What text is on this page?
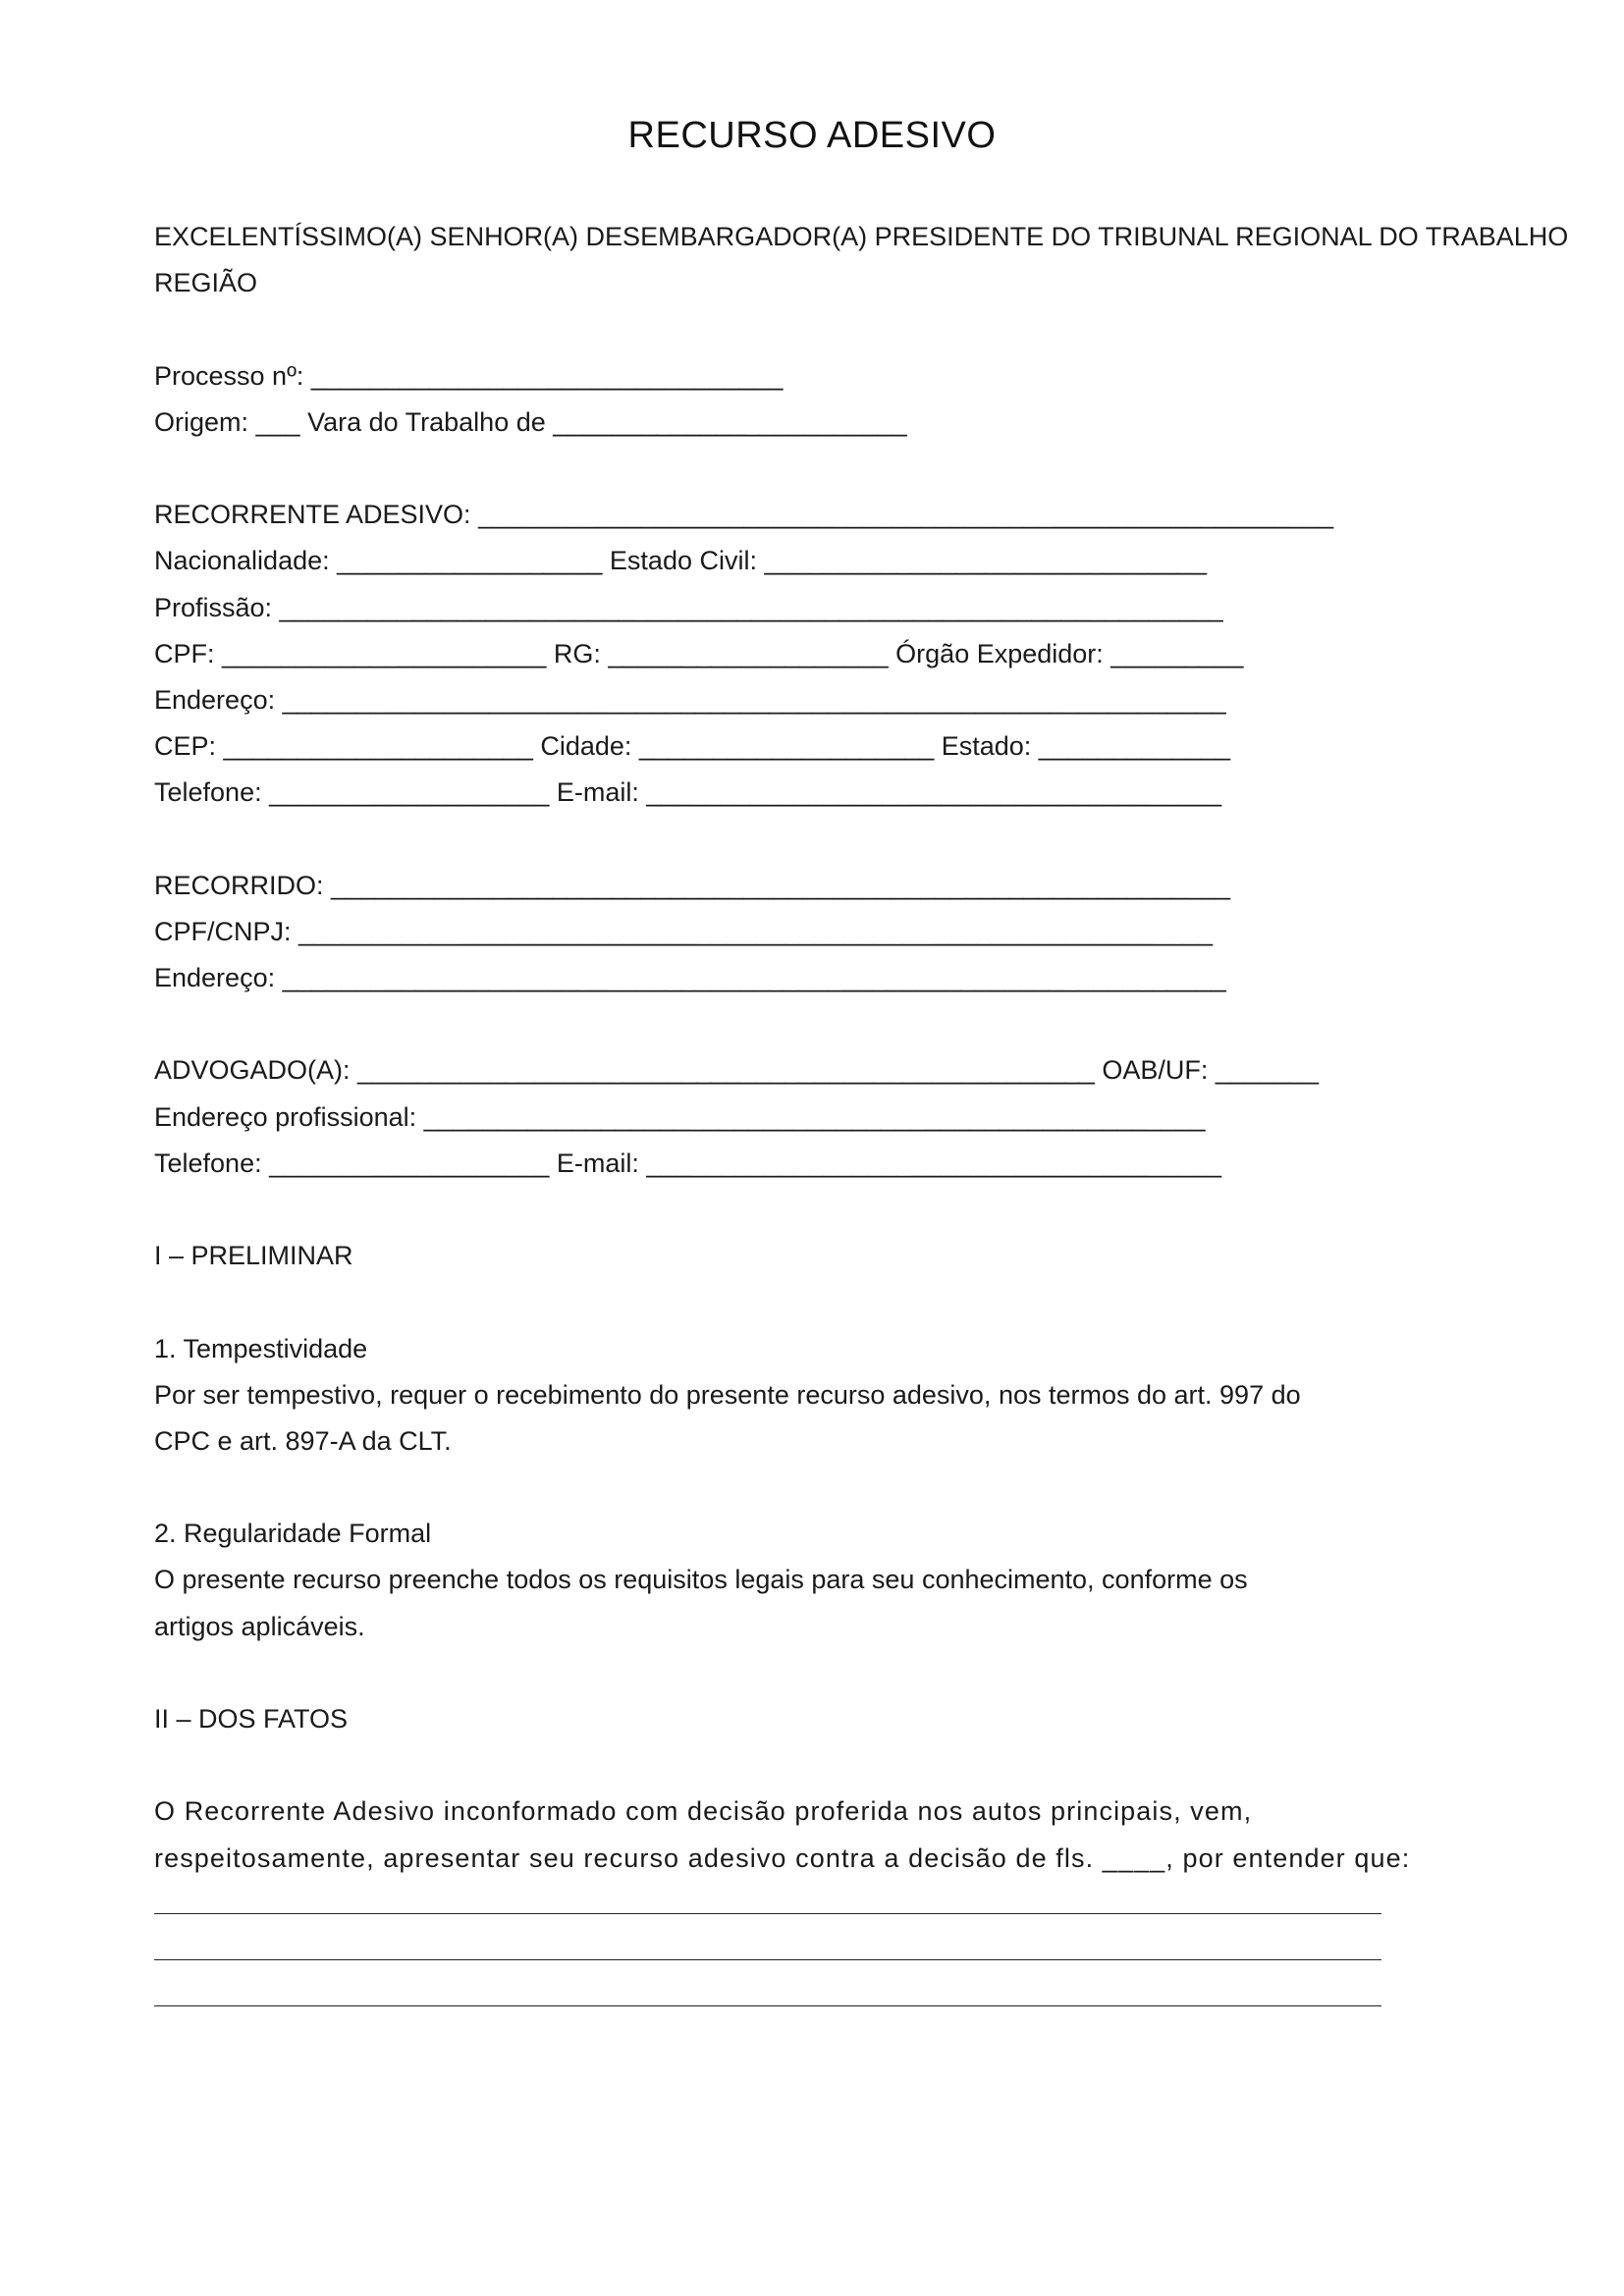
RECURSO ADESIVO
EXCELENTÍSSIMO(A) SENHOR(A) DESEMBARGADOR(A) PRESIDENTE DO TRIBUNAL REGIONAL DO TRABALHO
REGIÃO
Processo nº: ________________________________
Origem: ___ Vara do Trabalho de ________________________
RECORRENTE ADESIVO: __________________________________________________________
Nacionalidade: __________________ Estado Civil: ______________________________
Profissão: ________________________________________________________________
CPF: ______________________ RG: ___________________ Órgão Expedidor: _________
Endereço: ________________________________________________________________
CEP: _____________________ Cidade: ____________________ Estado: _____________
Telefone: ___________________ E-mail: _______________________________________
RECORRIDO: _____________________________________________________________
CPF/CNPJ: ______________________________________________________________
Endereço: ________________________________________________________________
ADVOGADO(A): __________________________________________________ OAB/UF: _______
Endereço profissional: _____________________________________________________
Telefone: ___________________ E-mail: _______________________________________
I – PRELIMINAR
1. Tempestividade
Por ser tempestivo, requer o recebimento do presente recurso adesivo, nos termos do art. 997 do
CPC e art. 897-A da CLT.
2. Regularidade Formal
O presente recurso preenche todos os requisitos legais para seu conhecimento, conforme os
artigos aplicáveis.
II – DOS FATOS
O Recorrente Adesivo inconformado com decisão proferida nos autos principais, vem,
respeitosamente, apresentar seu recurso adesivo contra a decisão de fls. ____, por entender que:
